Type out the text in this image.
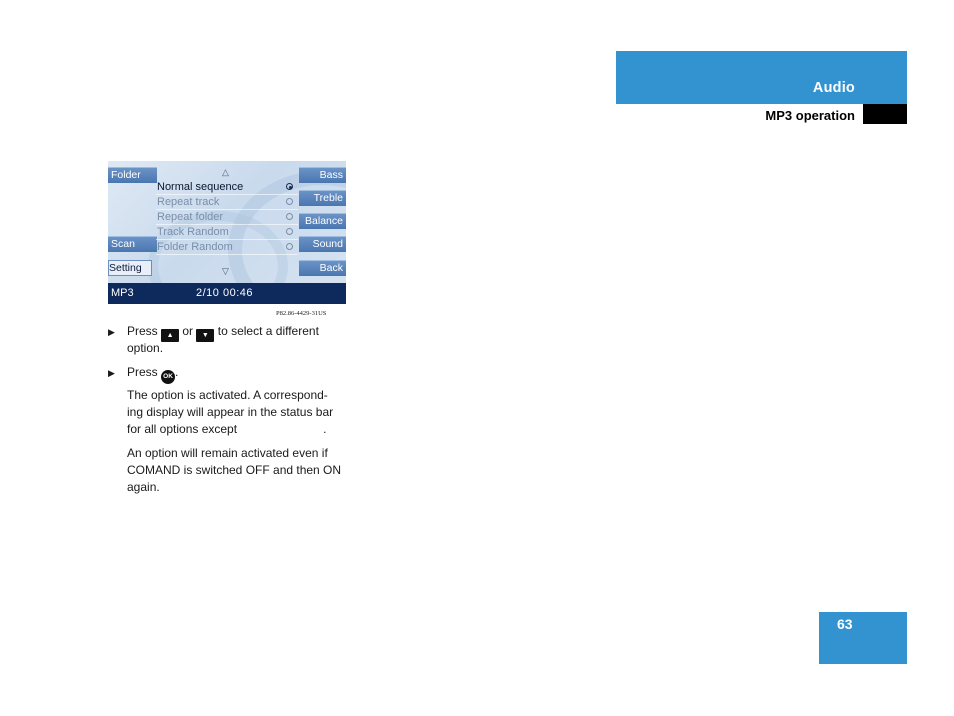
Audio
MP3 operation
Folder
Scan
Setting
Bass
Treble
Balance
Sound
Back
△
▽
Normal sequence
Repeat track
Repeat folder
Track Random
Folder Random
MP3	2/10 00:46
P82.86-4429-31US
▶ Press ▲ or ▼ to select a different
option.
▶ Press OK .
The option is activated. A correspond-
ing display will appear in the status bar
for all options except	.
An option will remain activated even if
COMAND is switched OFF and then ON
again.
63
